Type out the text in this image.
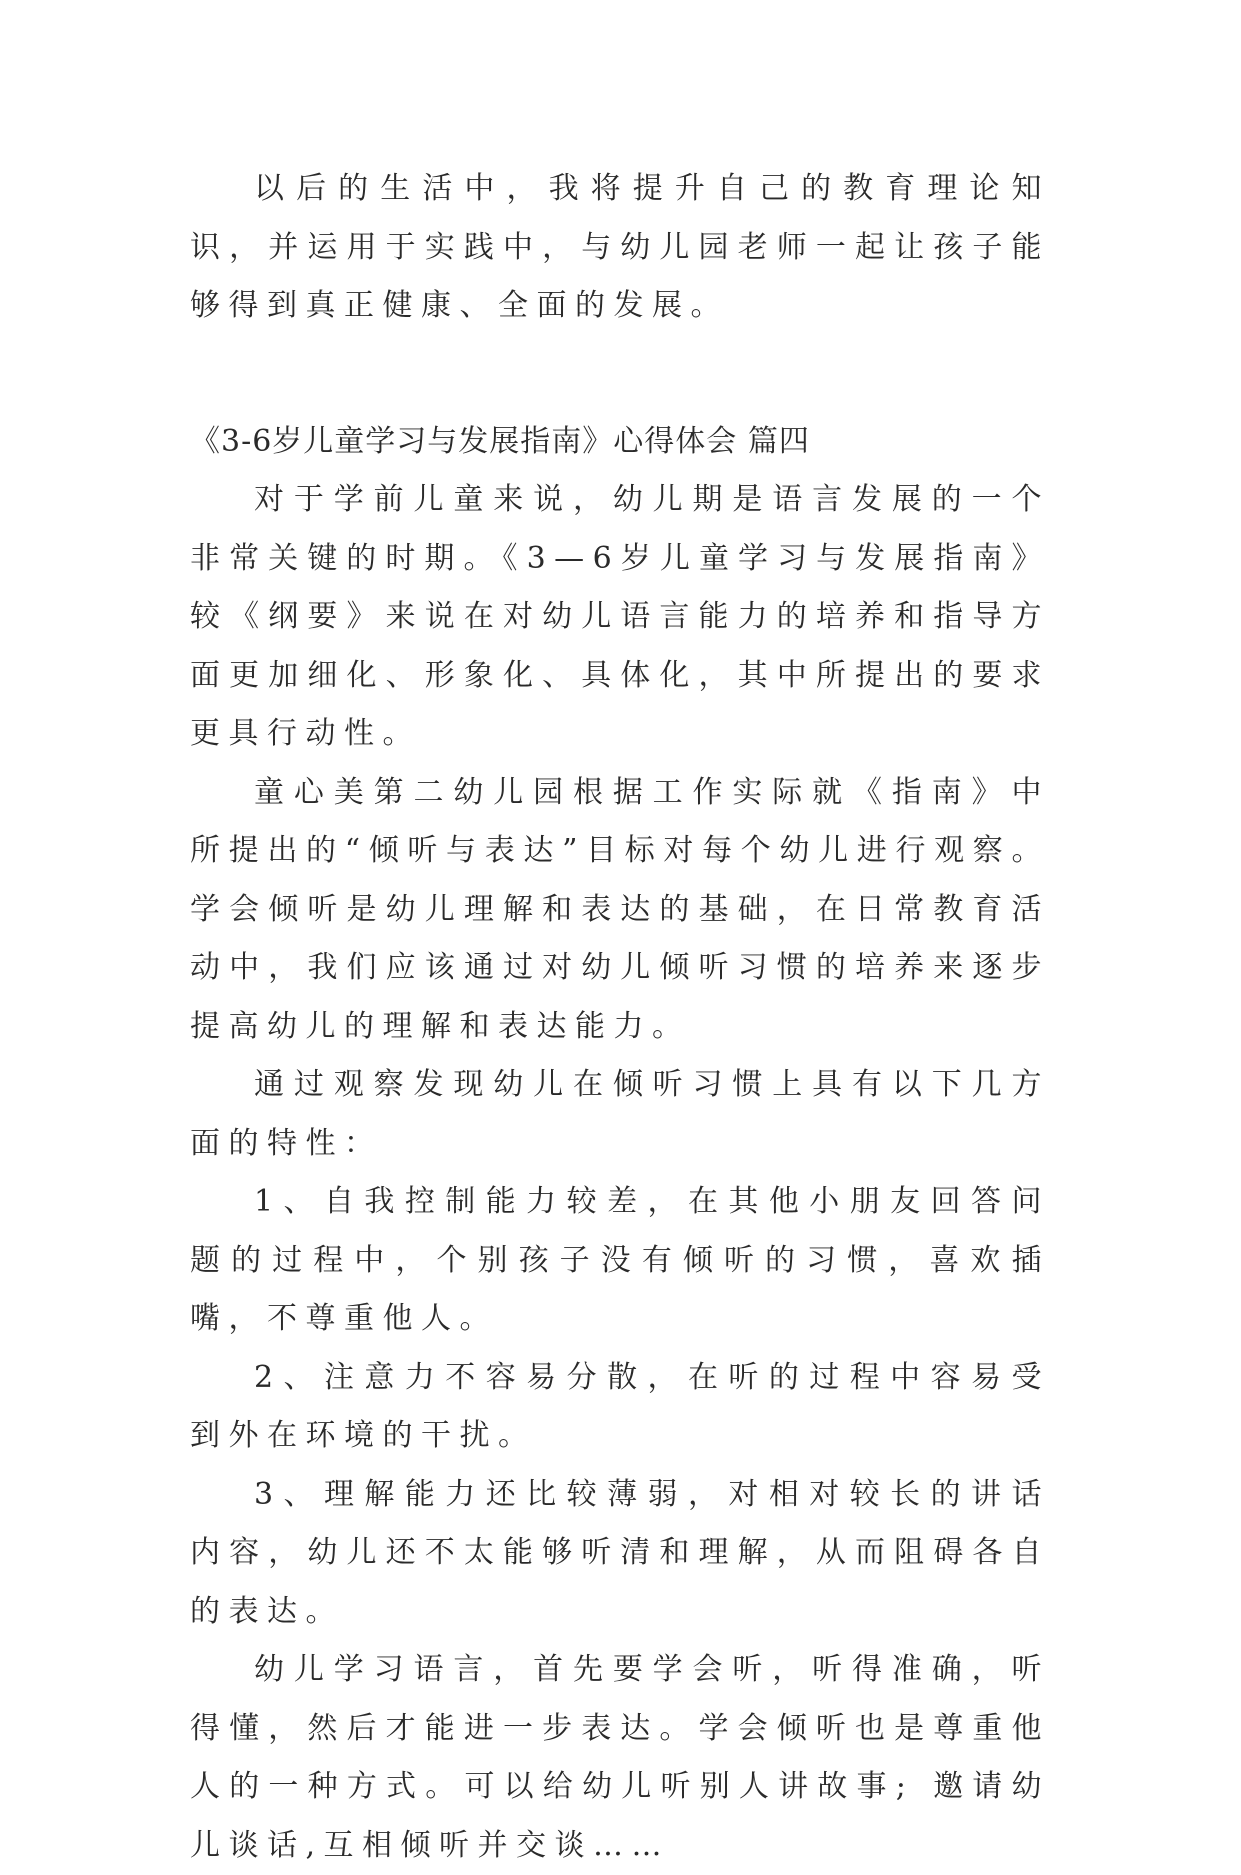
以后的生活中，我将提升自己的教育理论知识，并运用于实践中，与幼儿园老师一起让孩子能够得到真正健康、全面的发展。

《3-6岁儿童学习与发展指南》心得体会 篇四

对于学前儿童来说，幼儿期是语言发展的一个非常关键的时期。《3—6岁儿童学习与发展指南》较《纲要》来说在对幼儿语言能力的培养和指导方面更加细化、形象化、具体化，其中所提出的要求更具行动性。

童心美第二幼儿园根据工作实际就《指南》中所提出的“倾听与表达”目标对每个幼儿进行观察。学会倾听是幼儿理解和表达的基础，在日常教育活动中，我们应该通过对幼儿倾听习惯的培养来逐步提高幼儿的理解和表达能力。

通过观察发现幼儿在倾听习惯上具有以下几方面的特性：

1、自我控制能力较差，在其他小朋友回答问题的过程中，个别孩子没有倾听的习惯，喜欢插嘴，不尊重他人。

2、注意力不容易分散，在听的过程中容易受到外在环境的干扰。

3、理解能力还比较薄弱，对相对较长的讲话内容，幼儿还不太能够听清和理解，从而阻碍各自的表达。

幼儿学习语言，首先要学会听，听得准确，听得懂，然后才能进一步表达。学会倾听也是尊重他人的一种方式。可以给幼儿听别人讲故事; 邀请幼儿谈话,互相倾听并交谈……
